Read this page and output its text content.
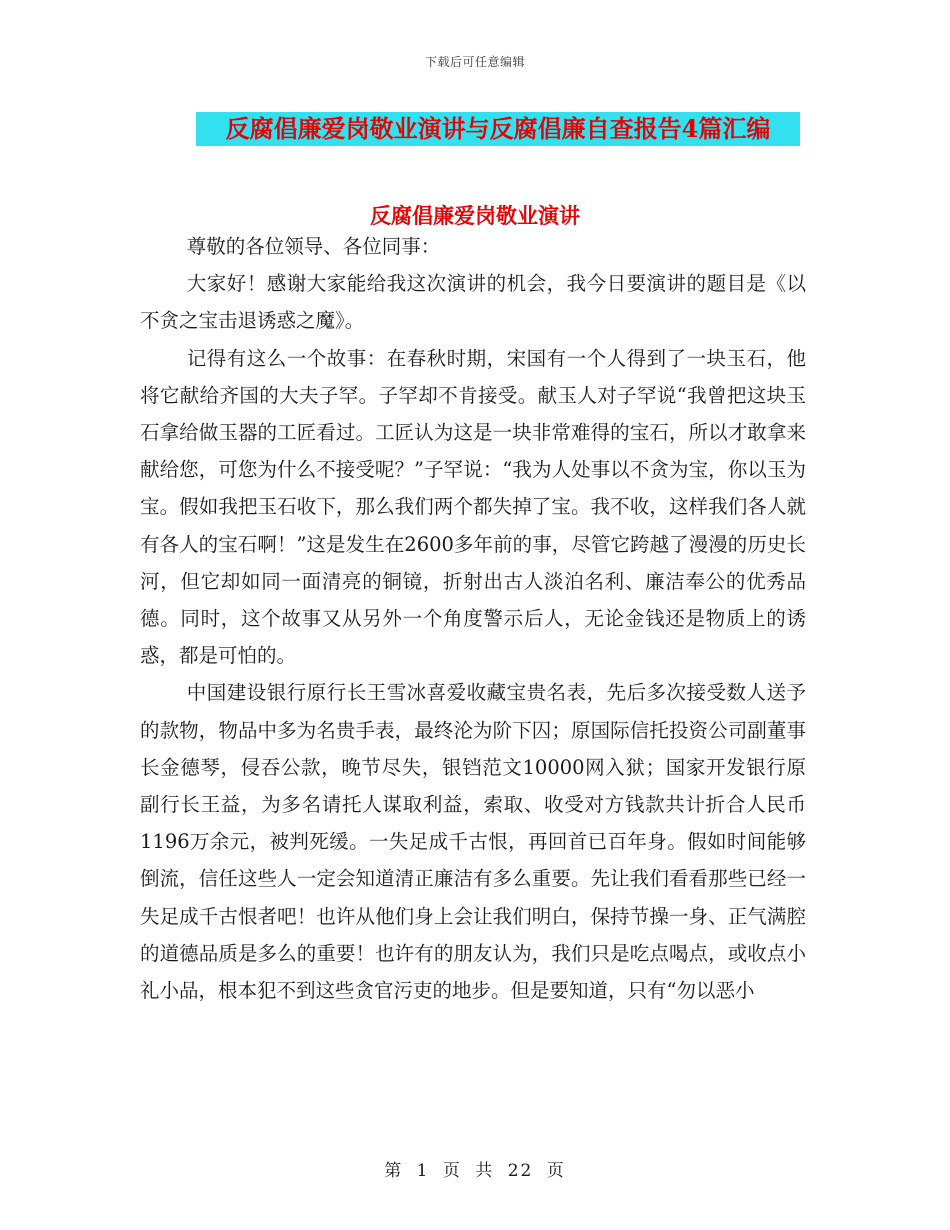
下载后可任意编辑
反腐倡廉爱岗敬业演讲与反腐倡廉自查报告4篇汇编
反腐倡廉爱岗敬业演讲

尊敬的各位领导、各位同事：

大家好！感谢大家能给我这次演讲的机会，我今日要演讲的题目是《以不贪之宝击退诱惑之魔》。

记得有这么一个故事：在春秋时期，宋国有一个人得到了一块玉石，他将它献给齐国的大夫子罕。子罕却不肯接受。献玉人对子罕说“我曾把这块玉石拿给做玉器的工匠看过。工匠认为这是一块非常难得的宝石，所以才敢拿来献给您，可您为什么不接受呢？”子罕说：“我为人处事以不贪为宝，你以玉为宝。假如我把玉石收下，那么我们两个都失掉了宝。我不收，这样我们各人就有各人的宝石啊！”这是发生在2600多年前的事，尽管它跨越了漫漫的历史长河，但它却如同一面清亮的铜镜，折射出古人淡泊名利、廉洁奉公的优秀品德。同时，这个故事又从另外一个角度警示后人，无论金钱还是物质上的诱惑，都是可怕的。

中国建设银行原行长王雪冰喜爱收藏宝贵名表，先后多次接受数人送予的款物，物品中多为名贵手表，最终沦为阶下囚；原国际信托投资公司副董事长金德琴，侵吞公款，晚节尽失，银铛范文10000网入狱；国家开发银行原副行长王益，为多名请托人谋取利益，索取、收受对方钱款共计折合人民币1196万余元，被判死缓。一失足成千古恨，再回首已百年身。假如时间能够倒流，信任这些人一定会知道清正廉洁有多么重要。先让我们看看那些已经一失足成千古恨者吧！也许从他们身上会让我们明白，保持节操一身、正气满腔的道德品质是多么的重要！也许有的朋友认为，我们只是吃点喝点，或收点小礼小品，根本犯不到这些贪官污吏的地步。但是要知道，只有“勿以恶小

第 1 页 共 22 页
